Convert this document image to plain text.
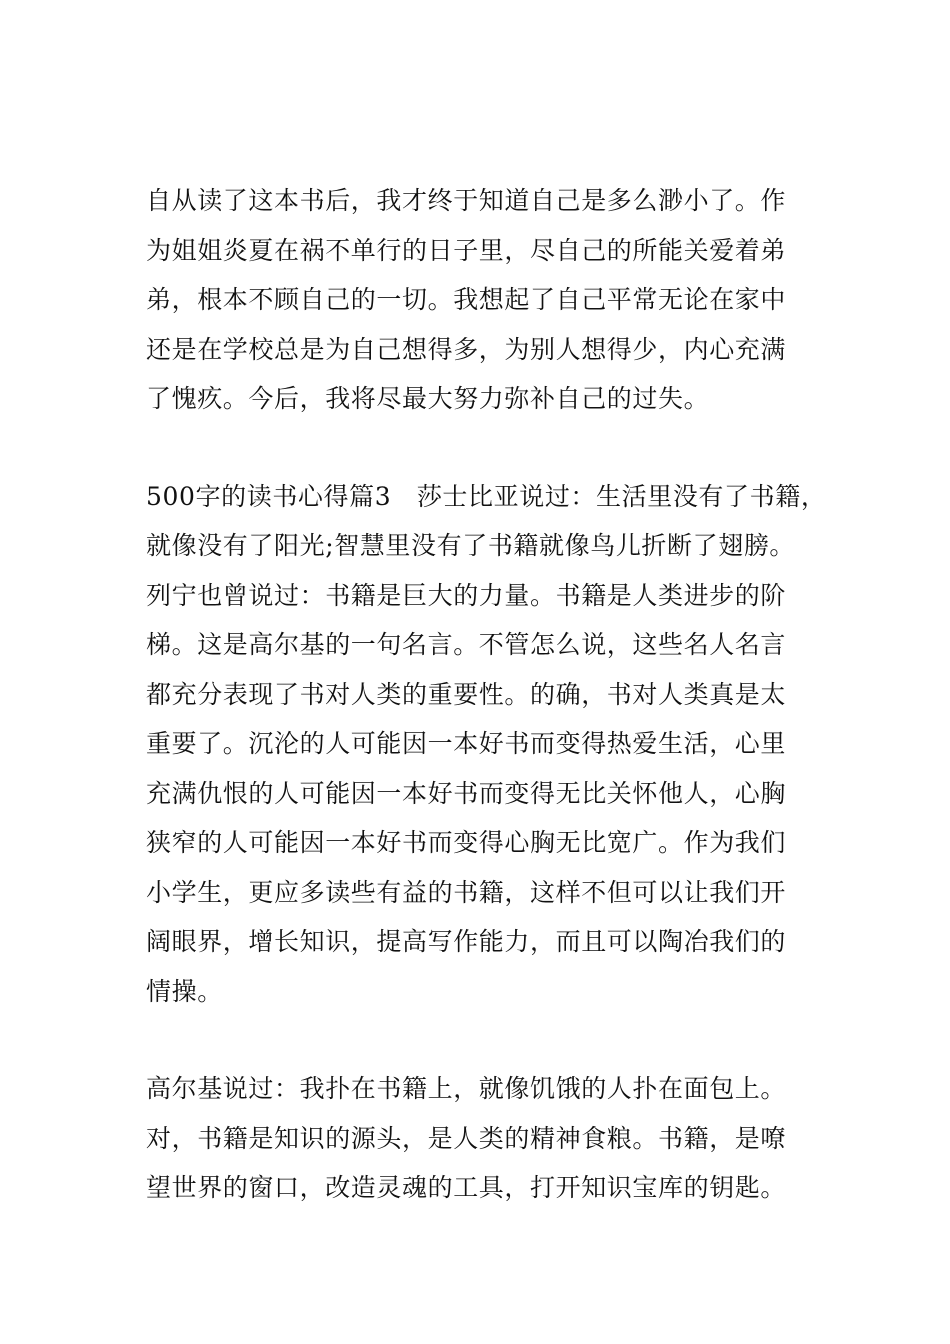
自从读了这本书后，我才终于知道自己是多么渺小了。作
为姐姐炎夏在祸不单行的日子里，尽自己的所能关爱着弟
弟，根本不顾自己的一切。我想起了自己平常无论在家中
还是在学校总是为自己想得多，为别人想得少，内心充满
了愧疚。今后，我将尽最大努力弥补自己的过失。
500字的读书心得篇3　莎士比亚说过：生活里没有了书籍，
就像没有了阳光;智慧里没有了书籍就像鸟儿折断了翅膀。
列宁也曾说过：书籍是巨大的力量。书籍是人类进步的阶
梯。这是高尔基的一句名言。不管怎么说，这些名人名言
都充分表现了书对人类的重要性。的确，书对人类真是太
重要了。沉沦的人可能因一本好书而变得热爱生活，心里
充满仇恨的人可能因一本好书而变得无比关怀他人，心胸
狭窄的人可能因一本好书而变得心胸无比宽广。作为我们
小学生，更应多读些有益的书籍，这样不但可以让我们开
阔眼界，增长知识，提高写作能力，而且可以陶冶我们的
情操。
高尔基说过：我扑在书籍上，就像饥饿的人扑在面包上。
对，书籍是知识的源头，是人类的精神食粮。书籍，是嘹
望世界的窗口，改造灵魂的工具，打开知识宝库的钥匙。
